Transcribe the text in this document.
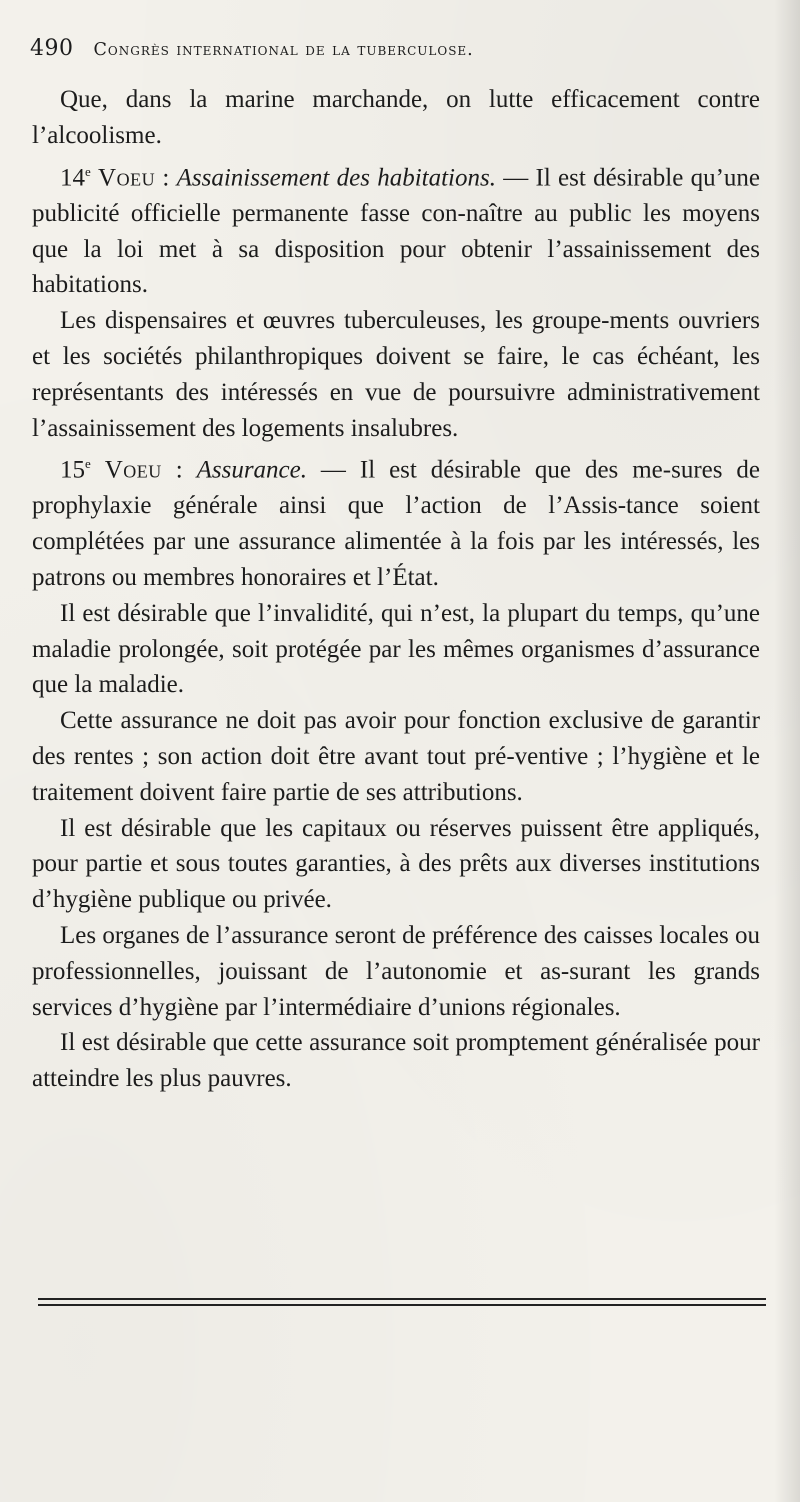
490 Congrès international de la tuberculose.

Que, dans la marine marchande, on lutte efficacement contre l’alcoolisme.

14e Voeu : Assainissement des habitations. — Il est désirable qu’une publicité officielle permanente fasse con-naître au public les moyens que la loi met à sa disposition pour obtenir l’assainissement des habitations.

Les dispensaires et œuvres tuberculeuses, les groupe-ments ouvriers et les sociétés philanthropiques doivent se faire, le cas échéant, les représentants des intéressés en vue de poursuivre administrativement l’assainissement des logements insalubres.

15e Voeu : Assurance. — Il est désirable que des me-sures de prophylaxie générale ainsi que l’action de l’Assis-tance soient complétées par une assurance alimentée à la fois par les intéressés, les patrons ou membres honoraires et l’État.

Il est désirable que l’invalidité, qui n’est, la plupart du temps, qu’une maladie prolongée, soit protégée par les mêmes organismes d’assurance que la maladie.

Cette assurance ne doit pas avoir pour fonction exclusive de garantir des rentes ; son action doit être avant tout pré-ventive ; l’hygiène et le traitement doivent faire partie de ses attributions.

Il est désirable que les capitaux ou réserves puissent être appliqués, pour partie et sous toutes garanties, à des prêts aux diverses institutions d’hygiène publique ou privée.

Les organes de l’assurance seront de préférence des caisses locales ou professionnelles, jouissant de l’autonomie et as-surant les grands services d’hygiène par l’intermédiaire d’unions régionales.

Il est désirable que cette assurance soit promptement généralisée pour atteindre les plus pauvres.
